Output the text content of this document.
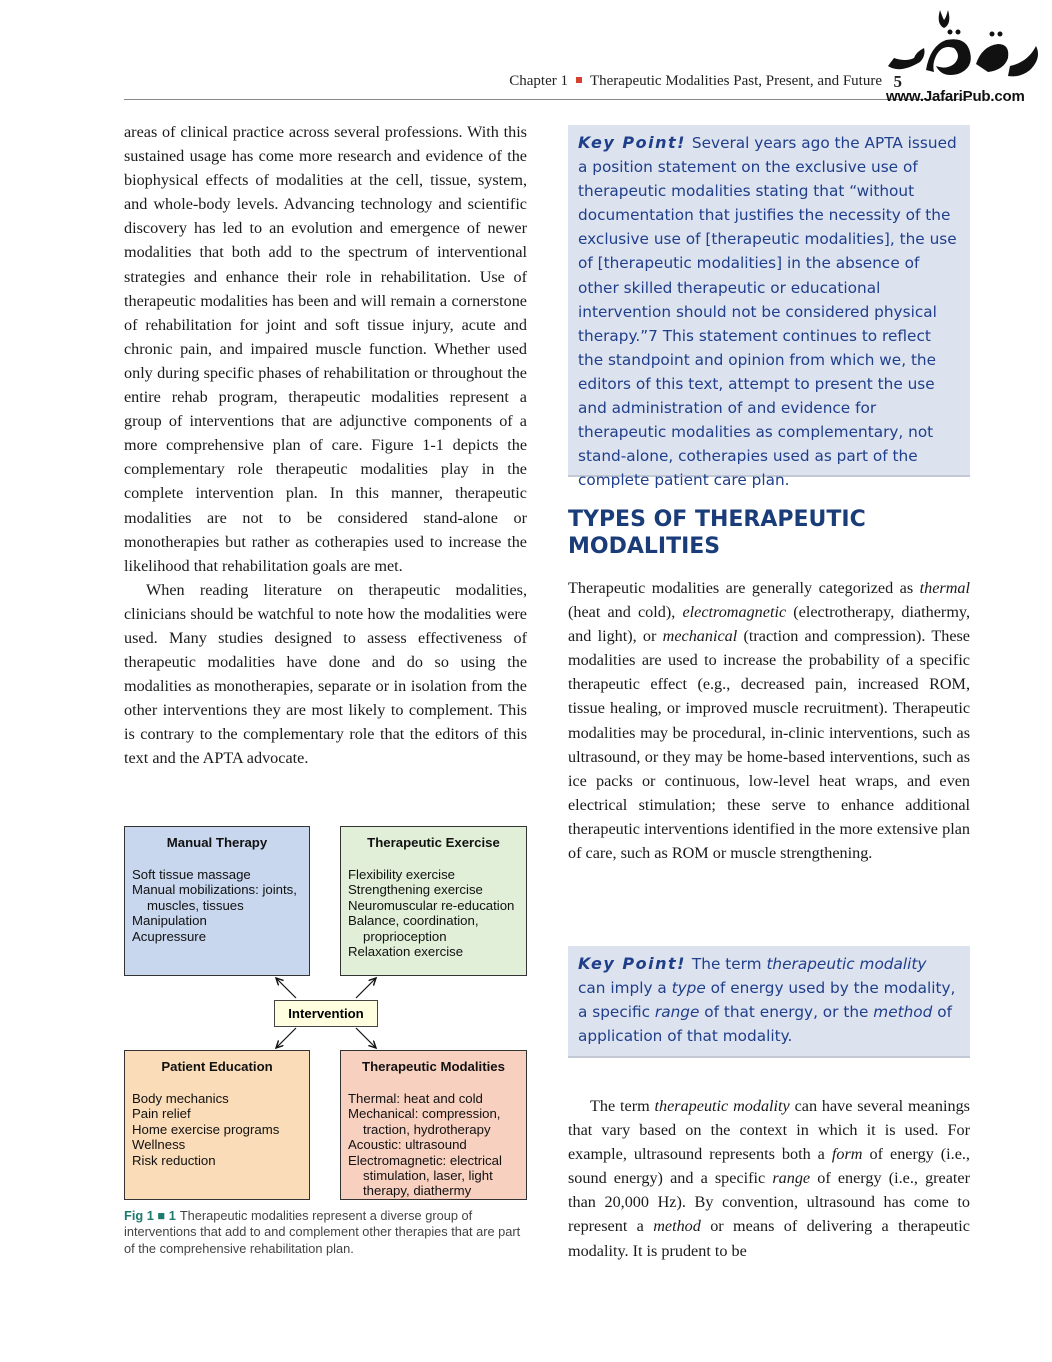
Chapter 1 Therapeutic Modalities Past, Present, and Future 5
www.JafariPub.com

areas of clinical practice across several professions. With this sustained usage has come more research and evidence of the biophysical effects of modalities at the cell, tissue, system, and whole-body levels. Advancing technology and scientific discovery has led to an evolution and emergence of newer modalities that both add to the spectrum of interventional strategies and enhance their role in rehabilitation. Use of therapeutic modalities has been and will remain a cornerstone of rehabilitation for joint and soft tissue injury, acute and chronic pain, and impaired muscle function. Whether used only during specific phases of rehabilitation or throughout the entire rehab program, therapeutic modalities represent a group of interventions that are adjunctive components of a more comprehensive plan of care. Figure 1-1 depicts the complementary role therapeutic modalities play in the complete intervention plan. In this manner, therapeutic modalities are not to be considered stand-alone or monotherapies but rather as cotherapies used to increase the likelihood that rehabilitation goals are met.

When reading literature on therapeutic modalities, clinicians should be watchful to note how the modalities were used. Many studies designed to assess effectiveness of therapeutic modalities have done and do so using the modalities as monotherapies, separate or in isolation from the other interventions they are most likely to complement. This is contrary to the complementary role that the editors of this text and the APTA advocate.

Manual Therapy
Soft tissue massage
Manual mobilizations: joints,
muscles, tissues
Manipulation
Acupressure
Therapeutic Exercise
Flexibility exercise
Strengthening exercise
Neuromuscular re-education
Balance, coordination,
proprioception
Relaxation exercise
Intervention
Patient Education
Body mechanics
Pain relief
Home exercise programs
Wellness
Risk reduction
Therapeutic Modalities
Thermal: heat and cold
Mechanical: compression,
traction, hydrotherapy
Acoustic: ultrasound
Electromagnetic: electrical
stimulation, laser, light
therapy, diathermy
Fig 1 ■ 1 Therapeutic modalities represent a diverse group of interventions that add to and complement other therapies that are part of the comprehensive rehabilitation plan.
Key Point! Several years ago the APTA issued a position statement on the exclusive use of therapeutic modalities stating that “without documentation that justifies the necessity of the exclusive use of [therapeutic modalities], the use of [therapeutic modalities] in the absence of other skilled therapeutic or educational intervention should not be considered physical therapy.”7 This statement continues to reflect the standpoint and opinion from which we, the editors of this text, attempt to present the use and administration of and evidence for therapeutic modalities as complementary, not stand-alone, cotherapies used as part of the complete patient care plan.
TYPES OF THERAPEUTIC MODALITIES

Therapeutic modalities are generally categorized as thermal (heat and cold), electromagnetic (electrotherapy, diathermy, and light), or mechanical (traction and compression). These modalities are used to increase the probability of a specific therapeutic effect (e.g., decreased pain, increased ROM, tissue healing, or improved muscle recruitment). Therapeutic modalities may be procedural, in-clinic interventions, such as ultrasound, or they may be home-based interventions, such as ice packs or continuous, low-level heat wraps, and even electrical stimulation; these serve to enhance additional therapeutic interventions identified in the more extensive plan of care, such as ROM or muscle strengthening.

Key Point! The term therapeutic modality can imply a type of energy used by the modality, a specific range of that energy, or the method of application of that modality.

The term therapeutic modality can have several meanings that vary based on the context in which it is used. For example, ultrasound represents both a form of energy (i.e., sound energy) and a specific range of energy (i.e., greater than 20,000 Hz). By convention, ultrasound has come to represent a method or means of delivering a therapeutic modality. It is prudent to be
